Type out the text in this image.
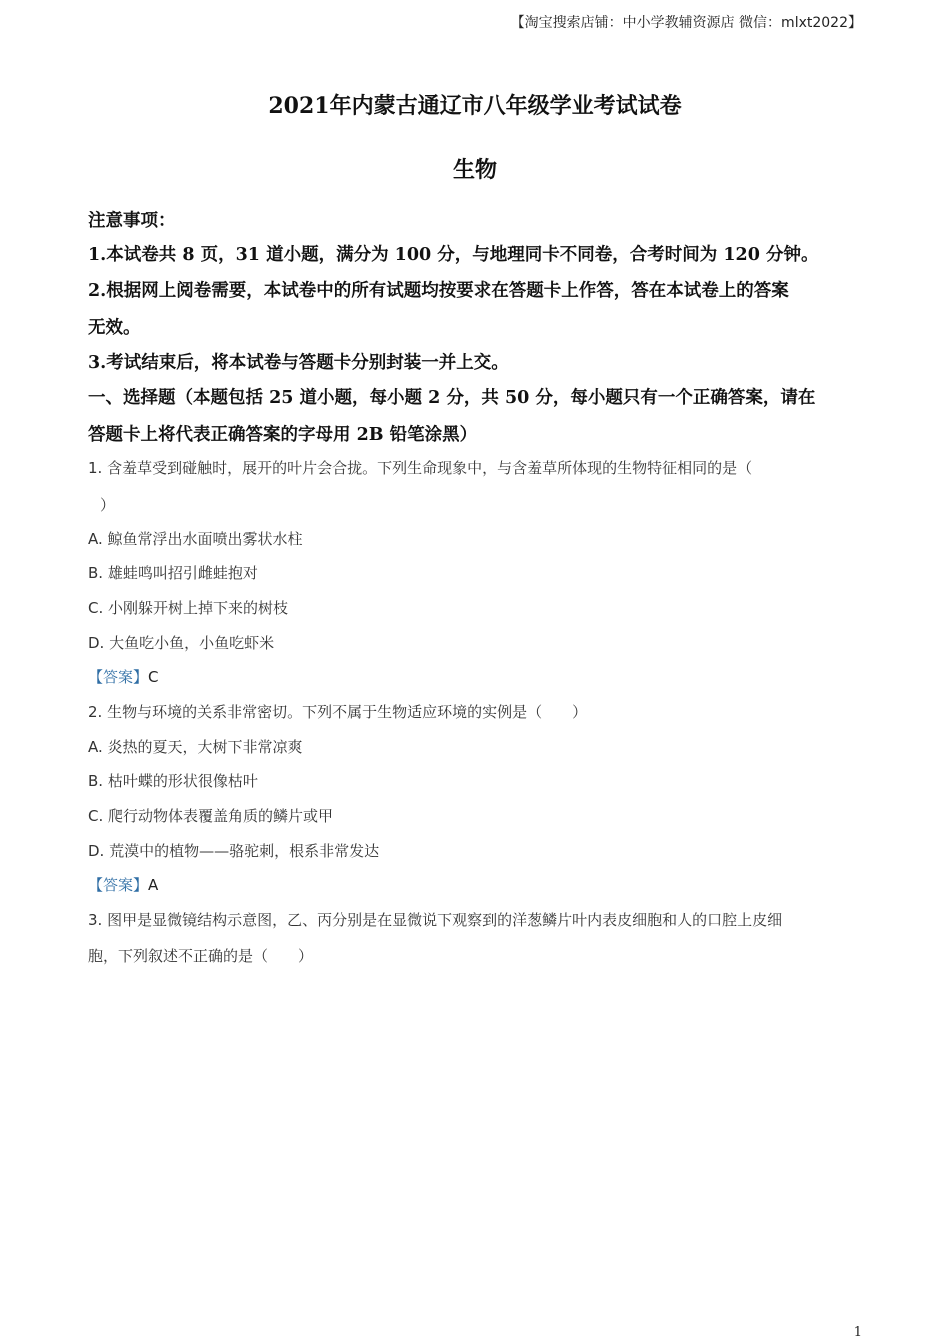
【淘宝搜索店铺：中小学教辅资源店 微信：mlxt2022】
2021年内蒙古通辽市八年级学业考试试卷
生物
注意事项：
1.本试卷共 8 页，31 道小题，满分为 100 分，与地理同卡不同卷，合考时间为 120 分钟。
2.根据网上阅卷需要，本试卷中的所有试题均按要求在答题卡上作答，答在本试卷上的答案
无效。
3.考试结束后，将本试卷与答题卡分别封装一并上交。
一、选择题（本题包括 25 道小题，每小题 2 分，共 50 分，每小题只有一个正确答案，请在
答题卡上将代表正确答案的字母用 2B 铅笔涂黑）
1. 含羞草受到碰触时，展开的叶片会合拢。下列生命现象中，与含羞草所体现的生物特征相同的是（
）
A. 鲸鱼常浮出水面喷出雾状水柱
B. 雄蛙鸣叫招引雌蛙抱对
C. 小刚躲开树上掉下来的树枝
D. 大鱼吃小鱼，小鱼吃虾米
【答案】C
2. 生物与环境的关系非常密切。下列不属于生物适应环境的实例是（　　）
A. 炎热的夏天，大树下非常凉爽
B. 枯叶蝶的形状很像枯叶
C. 爬行动物体表覆盖角质的鳞片或甲
D. 荒漠中的植物——骆驼刺，根系非常发达
【答案】A
3. 图甲是显微镜结构示意图，乙、丙分别是在显微说下观察到的洋葱鳞片叶内表皮细胞和人的口腔上皮细
胞，下列叙述不正确的是（　　）
1
